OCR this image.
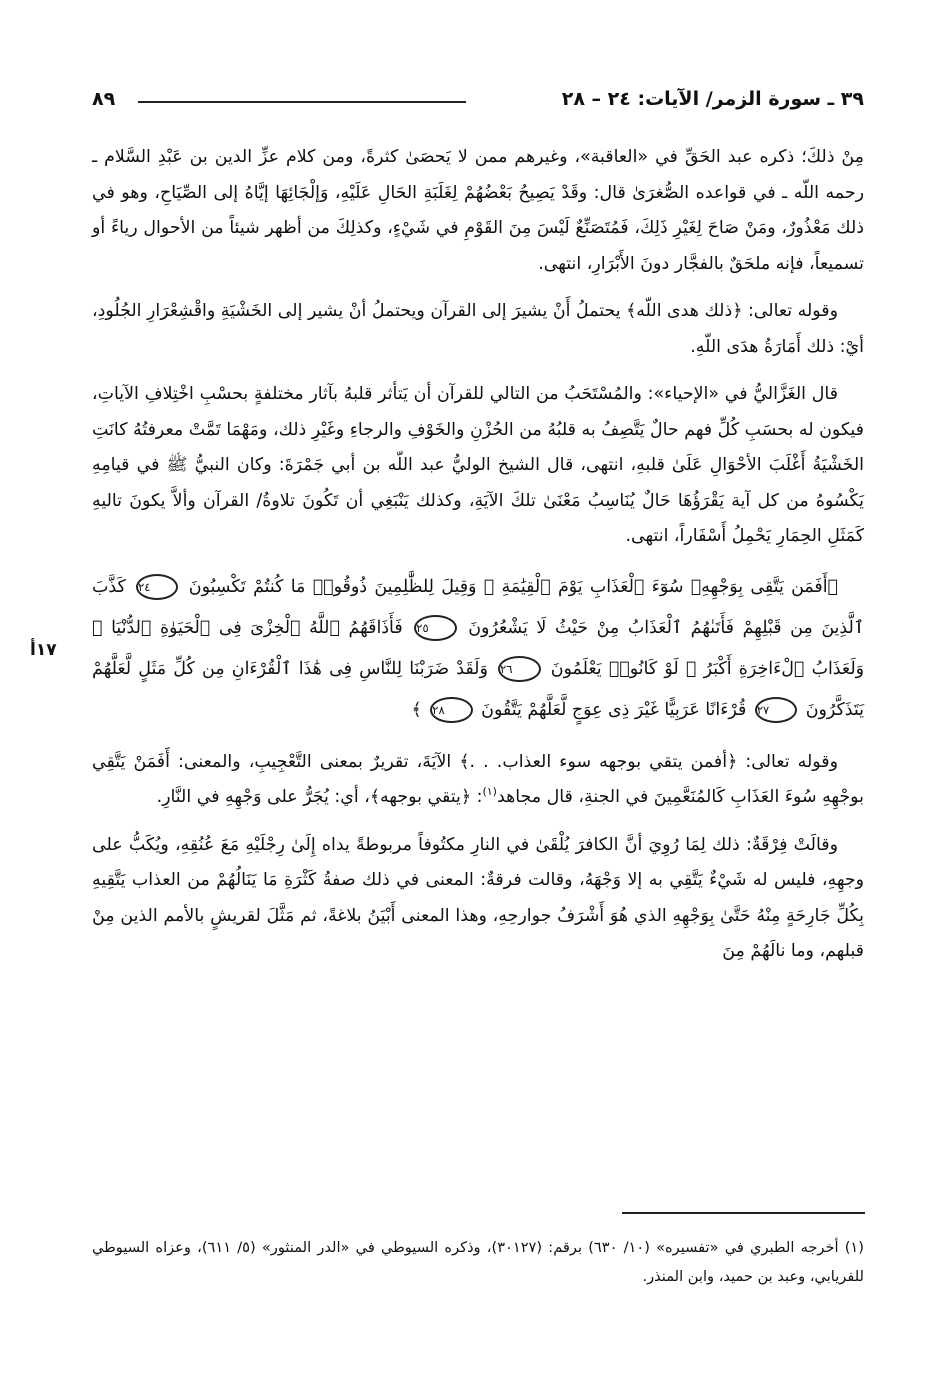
٣٩ ـ سورة الزمر/ الآيات: ٢٤ – ٢٨
٨٩
١٧أ

مِنْ ذلكَ؛ ذكره عبد الحَقِّ في «العاقبة»، وغيرهم ممن لا يَحصَىٰ كثرةً، ومن كلام عزِّ الدين بن عَبْدِ السَّلام ـ رحمه اللّه ـ في قواعده الصُّغرَىٰ قال: وقَدْ يَصِيحُ بَعْضُهُمْ لِغَلَبَةِ الحَالِ عَلَيْهِ، وَإلْجَائِهَا إيَّاهُ إلى الصِّيَاحِ، وهو في ذلك مَعْذُورٌ، ومَنْ صَاحَ لِغَيْرِ ذَلِكَ، فَمُتَصَنِّعٌ لَيْسَ مِنَ القَوْمِ في شَيْءٍ، وكذلِكَ من أظهر شيئاً من الأحوال رياءً أو تسميعاً، فإنه ملحَقٌ بالفجَّار دونَ الأَبْرَارِ، انتهى.

وقوله تعالى: ﴿ذلك هدى اللّه﴾ يحتملُ أَنْ يشيرَ إلى القرآن ويحتملُ أنْ يشير إلى الخَشْيَةِ واقْشِعْرَارِ الجُلُودِ، أيْ: ذلك أَمَارَةُ هدَى اللّهِ.

قال الغَزَّاليُّ في «الإحياء»: والمُسْتَحَبُ من التالي للقرآن أن يَتأثر قلبهُ بآثار مختلفةٍ بحسْبِ اخْتِلافِ الآياتِ، فيكون له بحسَبِ كُلِّ فهم حالٌ يَتَّصِفُ به قلبُهُ من الحُزْنِ والخَوْفِ والرجاءِ وغَيْرِ ذلك، ومَهْمَا تَمَّتْ معرفتُهُ كانَتِ الخَشْيَةُ أَغْلَبَ الأحْوَالِ عَلَىٰ قلبهِ، انتهى، قال الشيخ الوليُّ عبد اللّه بن أبي جَمْرَةَ: وكان النبيُّ ﷺ في قيامِهِ يَكْسُوهُ من كل آية يَقْرَؤُهَا حَالٌ يُنَاسِبُ مَعْنَىٰ تلكَ الآيَةِ، وكذلك يَنْبَغِي أن تَكُونَ تلاوةُ/ القرآن وألاَّ يكونَ تاليهِ كَمَثَلِ الحِمَارِ يَحْمِلُ أَسْفَاراً، انتهى.

﴿أَفَمَن يَتَّقِى بِوَجْهِهِۦ سُوٓءَ ٱلْعَذَابِ يَوْمَ ٱلْقِيَٰمَةِ ۚ وَقِيلَ لِلظَّٰلِمِينَ ذُوقُوا۟ مَا كُنتُمْ تَكْسِبُونَ ٢٤ كَذَّبَ ٱلَّذِينَ مِن قَبْلِهِمْ فَأَتَىٰهُمُ ٱلْعَذَابُ مِنْ حَيْثُ لَا يَشْعُرُونَ ٢٥ فَأَذَاقَهُمُ ٱللَّهُ ٱلْخِزْىَ فِى ٱلْحَيَوٰةِ ٱلدُّنْيَا ۖ وَلَعَذَابُ ٱلْءَاخِرَةِ أَكْبَرُ ۚ لَوْ كَانُوا۟ يَعْلَمُونَ ٢٦ وَلَقَدْ ضَرَبْنَا لِلنَّاسِ فِى هَٰذَا ٱلْقُرْءَانِ مِن كُلِّ مَثَلٍ لَّعَلَّهُمْ يَتَذَكَّرُونَ ٢٧ قُرْءَانًا عَرَبِيًّا غَيْرَ ذِى عِوَجٍ لَّعَلَّهُمْ يَتَّقُونَ ٢٨ ﴾

وقوله تعالى: ﴿أفمن يتقي بوجهه سوء العذاب. . .﴾ الآيَةَ، تقريرٌ بمعنى التَّعْجِيبِ، والمعنى: أَفَمَنْ يَتَّقِي بوجْهِهِ سُوءَ العَذَابِ كَالمُنَعَّمِينَ في الجنةِ، قال مجاهد$^{(١)}$: ﴿يتقي بوجهه﴾، أي: يُجَرُّ على وَجْهِهِ في النَّارِ.

وقالَتْ فِرْقَةٌ: ذلك لِمَا رُوِيَ أنَّ الكافرَ يُلْقَىٰ في النارِ مكتُوفاً مربوطةً يداه إِلَىٰ رِجْلَيْهِ مَعَ عُنُقِهِ، ويُكَبُّ على وجهِهِ، فليس له شَيْءٌ يَتَّقِي به إلا وَجْهَهُ، وقالت فرقةٌ: المعنى في ذلك صفةُ كَثْرَةِ مَا يَنَالُهُمْ من العذاب يَتَّقِيهِ بِكُلِّ جَارِحَةٍ مِنْهُ حَتَّىٰ بِوَجْهِهِ الذي هُوَ أَشْرَفُ جوارحِهِ، وهذا المعنى أَبْيَنُ بلاغةً، ثم مَثَّلَ لقريشٍ بالأمم الذين مِنْ قبلهم، وما نالَهُمْ مِنَ

(١) أخرجه الطبري في «تفسيره» (١٠/ ٦٣٠) برقم: (٣٠١٢٧)، وذكره السيوطي في «الدر المنثور» (٥/ ٦١١)، وعزاه السيوطي للفريابي، وعبد بن حميد، وابن المنذر.
